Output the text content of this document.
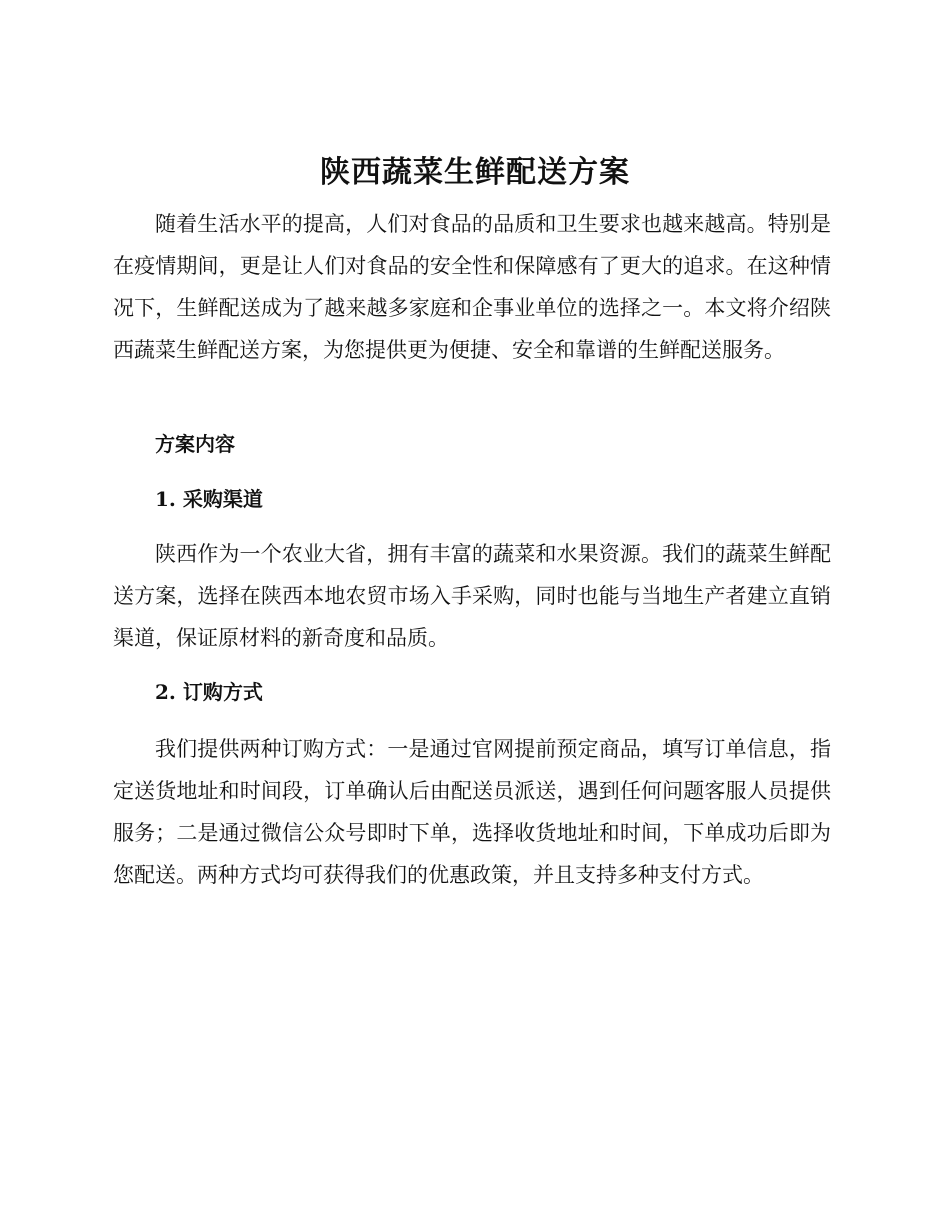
陕西蔬菜生鲜配送方案

随着生活水平的提高，人们对食品的品质和卫生要求也越来越高。特别是在疫情期间，更是让人们对食品的安全性和保障感有了更大的追求。在这种情况下，生鲜配送成为了越来越多家庭和企事业单位的选择之一。本文将介绍陕西蔬菜生鲜配送方案，为您提供更为便捷、安全和靠谱的生鲜配送服务。

方案内容
1. 采购渠道

陕西作为一个农业大省，拥有丰富的蔬菜和水果资源。我们的蔬菜生鲜配送方案，选择在陕西本地农贸市场入手采购，同时也能与当地生产者建立直销渠道，保证原材料的新奇度和品质。

2. 订购方式

我们提供两种订购方式：一是通过官网提前预定商品，填写订单信息，指定送货地址和时间段，订单确认后由配送员派送，遇到任何问题客服人员提供服务；二是通过微信公众号即时下单，选择收货地址和时间，下单成功后即为您配送。两种方式均可获得我们的优惠政策，并且支持多种支付方式。
